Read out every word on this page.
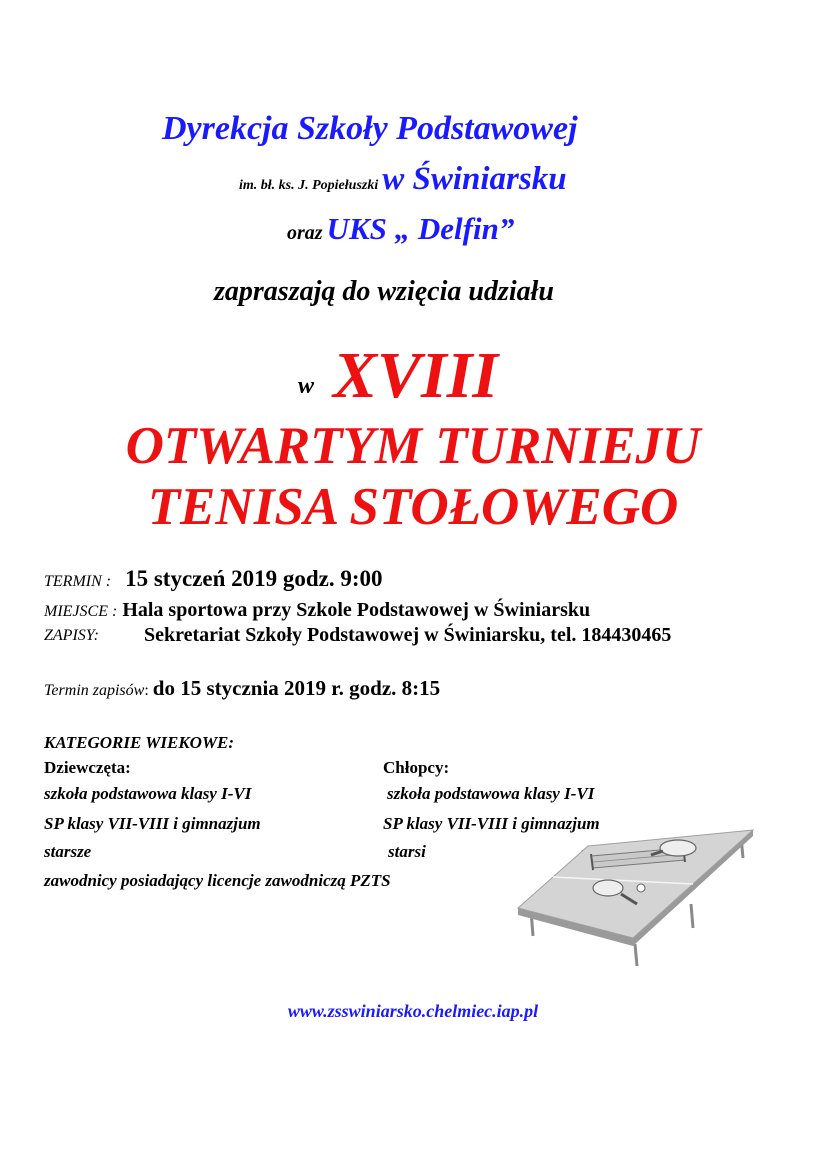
Dyrekcja Szkoły Podstawowej
im. bł. ks. J. Popiełuszki w Świniarsku
oraz UKS „ Delfin”
zapraszają do wzięcia udziału
w XVIII
OTWARTYM TURNIEJU
TENISA STOŁOWEGO
TERMIN : 15 styczeń 2019 godz. 9:00
MIEJSCE : Hala sportowa przy Szkole Podstawowej w Świniarsku
ZAPISY: Sekretariat Szkoły Podstawowej w Świniarsku, tel. 184430465
Termin zapisów: do 15 stycznia 2019 r. godz. 8:15
KATEGORIE WIEKOWE:
Dziewczęta:	Chłopcy:
szkoła podstawowa klasy I-VI	szkoła podstawowa klasy I-VI
SP klasy VII-VIII i gimnazjum	SP klasy VII-VIII i gimnazjum
starsze	starsi
zawodnicy posiadający licencje zawodniczą PZTS
www.zsswiniarsko.chelmiec.iap.pl
